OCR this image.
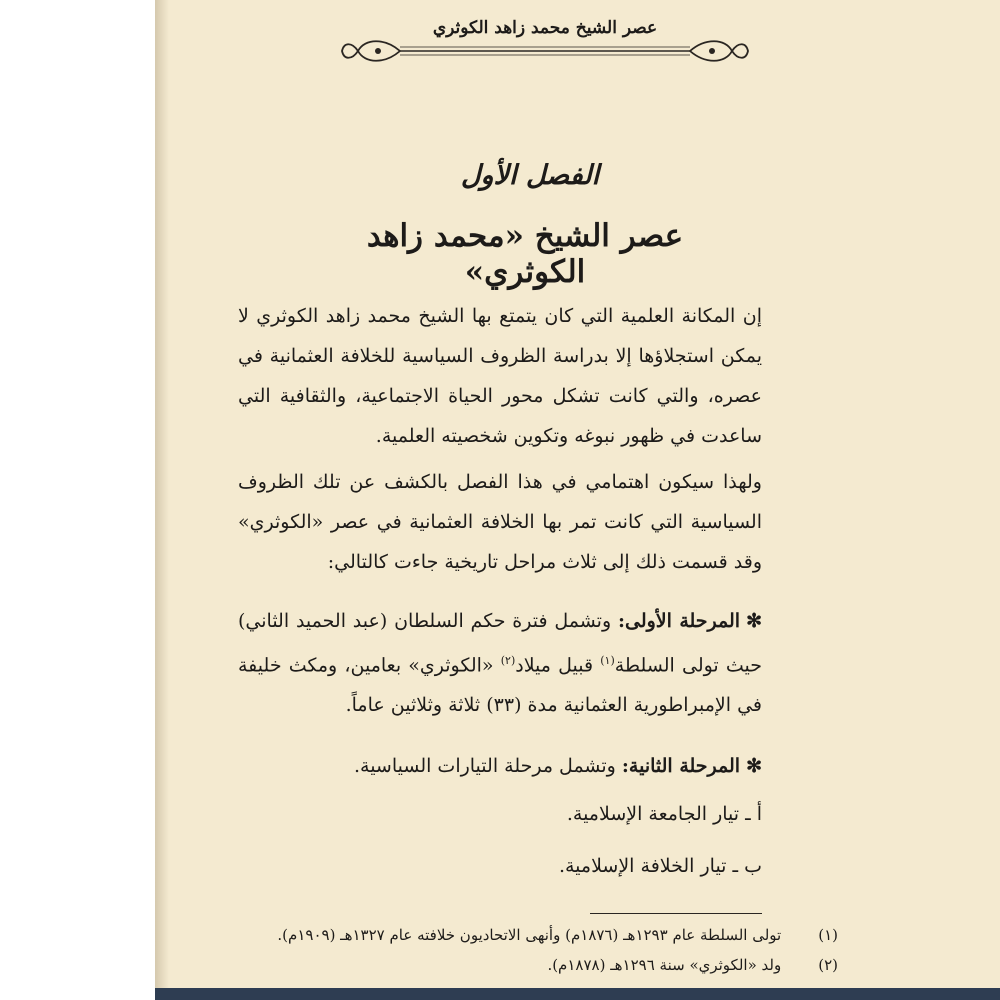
عصر الشيخ محمد زاهد الكوثري
الفصل الأول
عصر الشيخ «محمد زاهد الكوثري»
إن المكانة العلمية التي كان يتمتع بها الشيخ محمد زاهد الكوثري لا يمكن استجلاؤها إلا بدراسة الظروف السياسية للخلافة العثمانية في عصره، والتي كانت تشكل محور الحياة الاجتماعية، والثقافية التي ساعدت في ظهور نبوغه وتكوين شخصيته العلمية.
ولهذا سيكون اهتمامي في هذا الفصل بالكشف عن تلك الظروف السياسية التي كانت تمر بها الخلافة العثمانية في عصر «الكوثري» وقد قسمت ذلك إلى ثلاث مراحل تاريخية جاءت كالتالي:
✻المرحلة الأولى: وتشمل فترة حكم السلطان (عبد الحميد الثاني) حيث تولى السلطة$^{(١)}$ قبيل ميلاد$^{(٢)}$ «الكوثري» بعامين، ومكث خليفة في الإمبراطورية العثمانية مدة (٣٣) ثلاثة وثلاثين عاماً.
✻المرحلة الثانية: وتشمل مرحلة التيارات السياسية.
أ ـ تيار الجامعة الإسلامية.
ب ـ تيار الخلافة الإسلامية.
(١) تولى السلطة عام ١٢٩٣هـ (١٨٧٦م) وأنهى الاتحاديون خلافته عام ١٣٢٧هـ (١٩٠٩م).
(٢) ولد «الكوثري» سنة ١٢٩٦هـ (١٨٧٨م).
